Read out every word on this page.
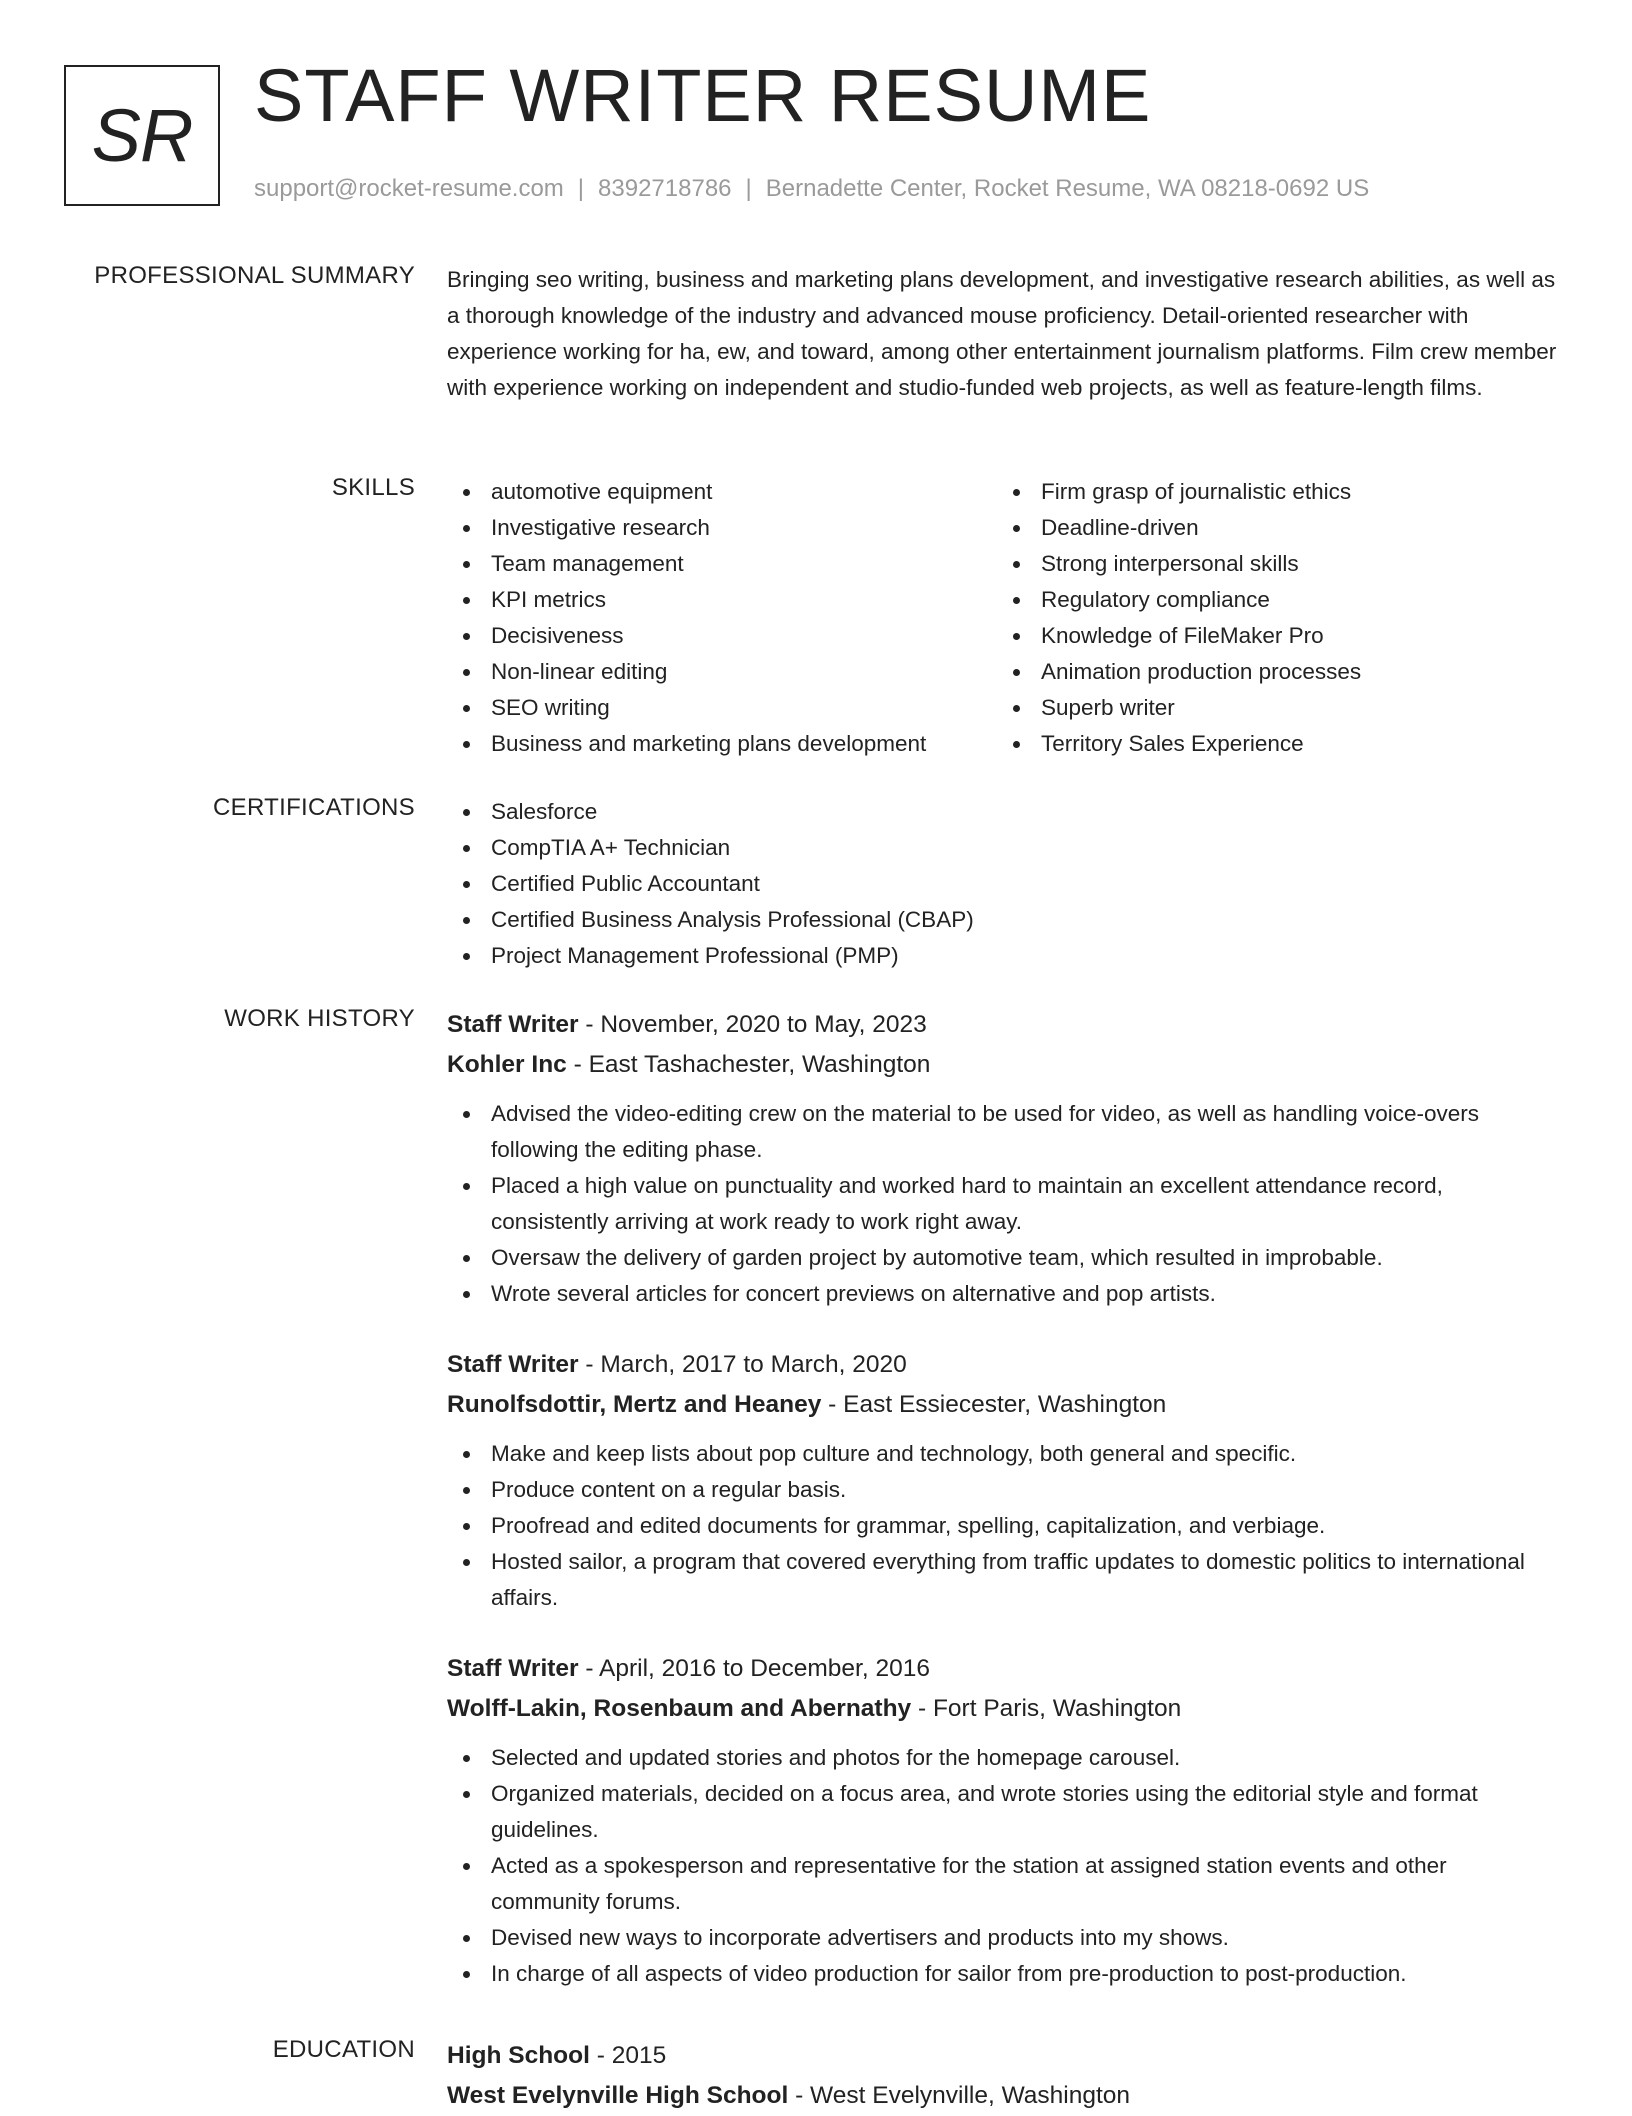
SR STAFF WRITER RESUME
support@rocket-resume.com | 8392718786 | Bernadette Center, Rocket Resume, WA 08218-0692 US
PROFESSIONAL SUMMARY Bringing seo writing, business and marketing plans development, and investigative research abilities, as well as a thorough knowledge of the industry and advanced mouse proficiency. Detail-oriented researcher with experience working for ha, ew, and toward, among other entertainment journalism platforms. Film crew member with experience working on independent and studio-funded web projects, as well as feature-length films.

SKILLS	automotive equipment
Investigative research
Team management
KPI metrics
Decisiveness
Non-linear editing
SEO writing
Business and marketing plans development
Firm grasp of journalistic ethics
Deadline-driven
Strong interpersonal skills
Regulatory compliance
Knowledge of FileMaker Pro
Animation production processes
Superb writer
Territory Sales Experience
CERTIFICATIONS	Salesforce
CompTIA A+ Technician
Certified Public Accountant
Certified Business Analysis Professional (CBAP)
Project Management Professional (PMP)
WORK HISTORY Staff Writer - November, 2020 to May, 2023
Kohler Inc - East Tashachester, Washington
Advised the video-editing crew on the material to be used for video, as well as handling voice-overs following the editing phase.
Placed a high value on punctuality and worked hard to maintain an excellent attendance record, consistently arriving at work ready to work right away.
Oversaw the delivery of garden project by automotive team, which resulted in improbable.
Wrote several articles for concert previews on alternative and pop artists.
Staff Writer - March, 2017 to March, 2020
Runolfsdottir, Mertz and Heaney - East Essiecester, Washington
Make and keep lists about pop culture and technology, both general and specific.
Produce content on a regular basis.
Proofread and edited documents for grammar, spelling, capitalization, and verbiage.
Hosted sailor, a program that covered everything from traffic updates to domestic politics to international affairs.
Staff Writer - April, 2016 to December, 2016
Wolff-Lakin, Rosenbaum and Abernathy - Fort Paris, Washington
Selected and updated stories and photos for the homepage carousel.
Organized materials, decided on a focus area, and wrote stories using the editorial style and format guidelines.
Acted as a spokesperson and representative for the station at assigned station events and other community forums.
Devised new ways to incorporate advertisers and products into my shows.
In charge of all aspects of video production for sailor from pre-production to post-production.
EDUCATION High School - 2015
West Evelynville High School - West Evelynville, Washington
